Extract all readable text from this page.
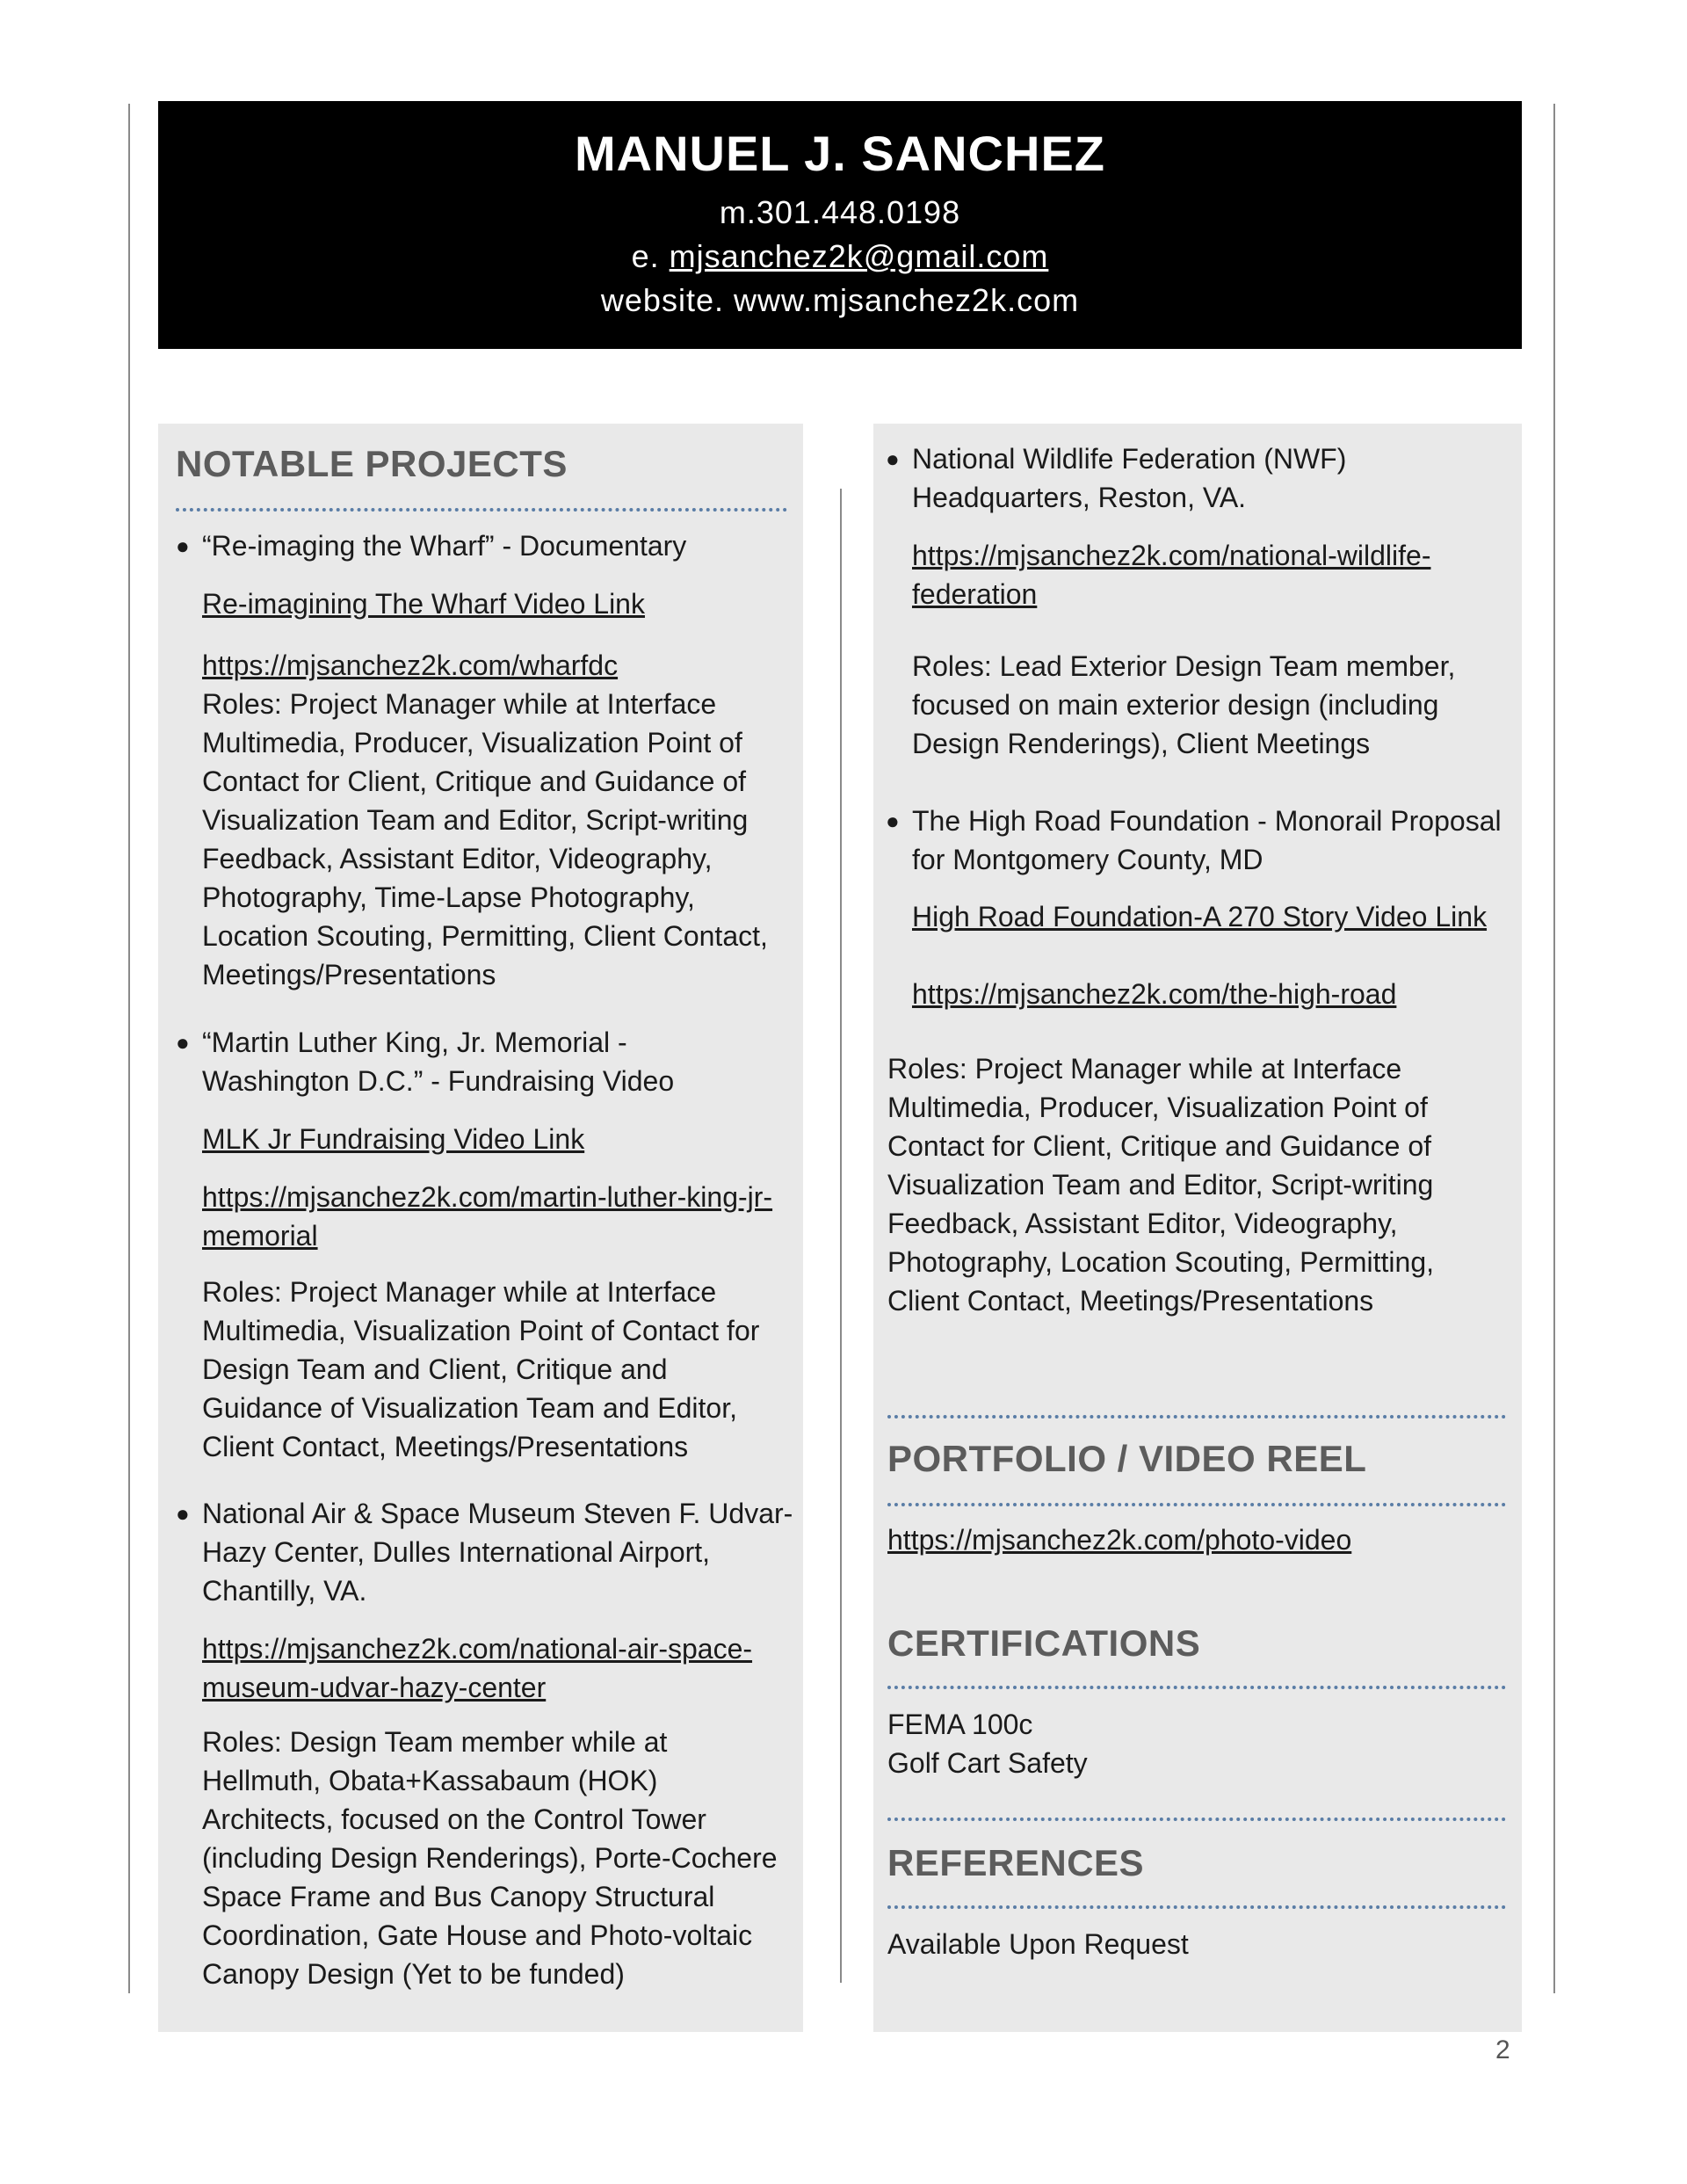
MANUEL J. SANCHEZ
m.301.448.0198
e. mjsanchez2k@gmail.com
website. www.mjsanchez2k.com
NOTABLE PROJECTS
● “Re-imaging the Wharf” - Documentary
Re-imagining The Wharf Video Link
https://mjsanchez2k.com/wharfdc
Roles: Project Manager while at Interface
Multimedia, Producer, Visualization Point of
Contact for Client, Critique and Guidance of
Visualization Team and Editor, Script-writing
Feedback, Assistant Editor, Videography,
Photography, Time-Lapse Photography,
Location Scouting, Permitting, Client Contact,
Meetings/Presentations
● “Martin Luther King, Jr. Memorial -
Washington D.C.” - Fundraising Video
MLK Jr Fundraising Video Link
https://mjsanchez2k.com/martin-luther-king-jr-
memorial
Roles: Project Manager while at Interface
Multimedia, Visualization Point of Contact for
Design Team and Client, Critique and
Guidance of Visualization Team and Editor,
Client Contact, Meetings/Presentations
● National Air & Space Museum Steven F. Udvar-
Hazy Center, Dulles International Airport,
Chantilly, VA.
https://mjsanchez2k.com/national-air-space-
museum-udvar-hazy-center
Roles: Design Team member while at
Hellmuth, Obata+Kassabaum (HOK)
Architects, focused on the Control Tower
(including Design Renderings), Porte-Cochere
Space Frame and Bus Canopy Structural
Coordination, Gate House and Photo-voltaic
Canopy Design (Yet to be funded)
● National Wildlife Federation (NWF)
Headquarters, Reston, VA.
https://mjsanchez2k.com/national-wildlife-
federation
Roles: Lead Exterior Design Team member,
focused on main exterior design (including
Design Renderings), Client Meetings
● The High Road Foundation - Monorail Proposal
for Montgomery County, MD
High Road Foundation-A 270 Story Video Link
https://mjsanchez2k.com/the-high-road
Roles: Project Manager while at Interface
Multimedia, Producer, Visualization Point of
Contact for Client, Critique and Guidance of
Visualization Team and Editor, Script-writing
Feedback, Assistant Editor, Videography,
Photography, Location Scouting, Permitting,
Client Contact, Meetings/Presentations
PORTFOLIO / VIDEO REEL
https://mjsanchez2k.com/photo-video
CERTIFICATIONS
FEMA 100c
Golf Cart Safety
REFERENCES
Available Upon Request
2
